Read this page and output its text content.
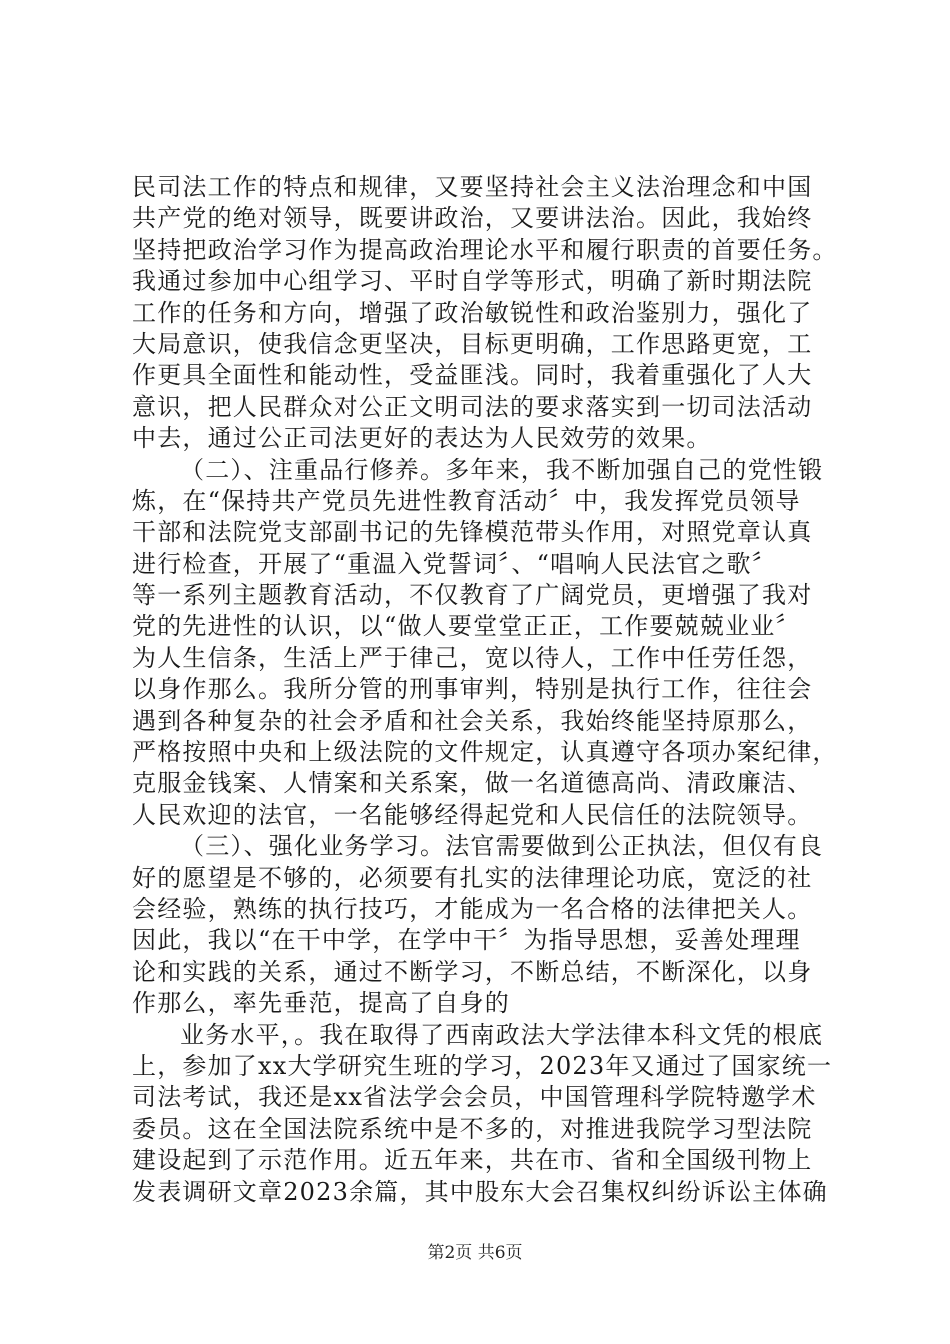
民司法工作的特点和规律，又要坚持社会主义法治理念和中国
共产党的绝对领导，既要讲政治，又要讲法治。因此，我始终
坚持把政治学习作为提高政治理论水平和履行职责的首要任务。
我通过参加中心组学习、平时自学等形式，明确了新时期法院
工作的任务和方向，增强了政治敏锐性和政治鉴别力，强化了
大局意识，使我信念更坚决，目标更明确，工作思路更宽，工
作更具全面性和能动性，受益匪浅。同时，我着重强化了人大
意识，把人民群众对公正文明司法的要求落实到一切司法活动
中去，通过公正司法更好的表达为人民效劳的效果。
（二）、注重品行修养。多年来，我不断加强自己的党性锻
炼，在“保持共产党员先进性教育活动〞中，我发挥党员领导
干部和法院党支部副书记的先锋模范带头作用，对照党章认真
进行检查，开展了“重温入党誓词〞、“唱响人民法官之歌〞
等一系列主题教育活动，不仅教育了广阔党员，更增强了我对
党的先进性的认识，以“做人要堂堂正正，工作要兢兢业业〞
为人生信条，生活上严于律己，宽以待人，工作中任劳任怨，
以身作那么。我所分管的刑事审判，特别是执行工作，往往会
遇到各种复杂的社会矛盾和社会关系，我始终能坚持原那么，
严格按照中央和上级法院的文件规定，认真遵守各项办案纪律，
克服金钱案、人情案和关系案，做一名道德高尚、清政廉洁、
人民欢迎的法官，一名能够经得起党和人民信任的法院领导。
（三）、强化业务学习。法官需要做到公正执法，但仅有良
好的愿望是不够的，必须要有扎实的法律理论功底，宽泛的社
会经验，熟练的执行技巧，才能成为一名合格的法律把关人。
因此，我以“在干中学，在学中干〞为指导思想，妥善处理理
论和实践的关系，通过不断学习，不断总结，不断深化，以身
作那么，率先垂范，提高了自身的
业务水平，。我在取得了西南政法大学法律本科文凭的根底
上，参加了xx大学研究生班的学习，2023年又通过了国家统一
司法考试，我还是xx省法学会会员，中国管理科学院特邀学术
委员。这在全国法院系统中是不多的，对推进我院学习型法院
建设起到了示范作用。近五年来，共在市、省和全国级刊物上
发表调研文章2023余篇，其中股东大会召集权纠纷诉讼主体确
第2页 共6页
